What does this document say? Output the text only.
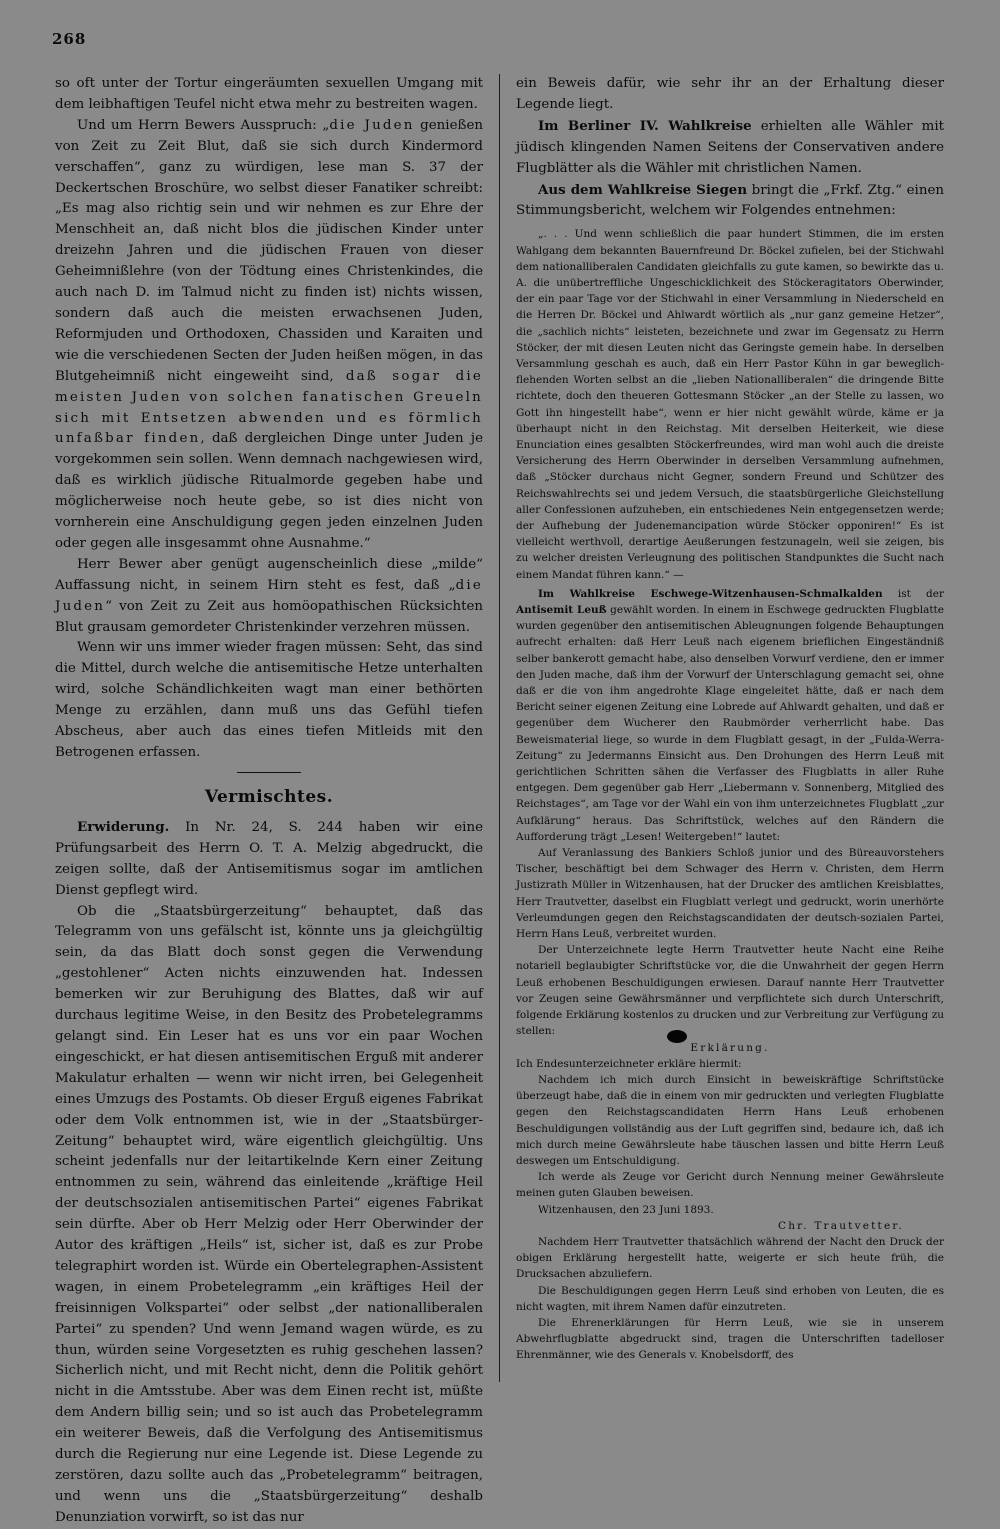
268

so oft unter der Tortur eingeräumten sexuellen Umgang mit dem leibhaftigen Teufel nicht etwa mehr zu bestreiten wagen.

Und um Herrn Bewers Ausspruch: „die Juden genießen von Zeit zu Zeit Blut, daß sie sich durch Kindermord verschaffen“, ganz zu würdigen, lese man S. 37 der Deckertschen Broschüre, wo selbst dieser Fanatiker schreibt: „Es mag also richtig sein und wir nehmen es zur Ehre der Menschheit an, daß nicht blos die jüdischen Kinder unter dreizehn Jahren und die jüdischen Frauen von dieser Geheimnißlehre (von der Tödtung eines Christenkindes, die auch nach D. im Talmud nicht zu finden ist) nichts wissen, sondern daß auch die meisten erwachsenen Juden, Reformjuden und Orthodoxen, Chassiden und Karaiten und wie die verschiedenen Secten der Juden heißen mögen, in das Blutgeheimniß nicht eingeweiht sind, daß sogar die meisten Juden von solchen fanatischen Greueln sich mit Entsetzen abwenden und es förmlich unfaßbar finden, daß dergleichen Dinge unter Juden je vorgekommen sein sollen. Wenn demnach nachgewiesen wird, daß es wirklich jüdische Ritualmorde gegeben habe und möglicherweise noch heute gebe, so ist dies nicht von vornherein eine Anschuldigung gegen jeden einzelnen Juden oder gegen alle insgesammt ohne Ausnahme.“

Herr Bewer aber genügt augenscheinlich diese „milde“ Auffassung nicht, in seinem Hirn steht es fest, daß „die Juden“ von Zeit zu Zeit aus homöopathischen Rücksichten Blut grausam gemordeter Christenkinder verzehren müssen.

Wenn wir uns immer wieder fragen müssen: Seht, das sind die Mittel, durch welche die antisemitische Hetze unterhalten wird, solche Schändlichkeiten wagt man einer bethörten Menge zu erzählen, dann muß uns das Gefühl tiefen Abscheus, aber auch das eines tiefen Mitleids mit den Betrogenen erfassen.

Vermischtes.

Erwiderung. In Nr. 24, S. 244 haben wir eine Prüfungsarbeit des Herrn O. T. A. Melzig abgedruckt, die zeigen sollte, daß der Antisemitismus sogar im amtlichen Dienst gepflegt wird.

Ob die „Staatsbürgerzeitung“ behauptet, daß das Telegramm von uns gefälscht ist, könnte uns ja gleichgültig sein, da das Blatt doch sonst gegen die Verwendung „gestohlener“ Acten nichts einzuwenden hat. Indessen bemerken wir zur Beruhigung des Blattes, daß wir auf durchaus legitime Weise, in den Besitz des Probetelegramms gelangt sind. Ein Leser hat es uns vor ein paar Wochen eingeschickt, er hat diesen antisemitischen Erguß mit anderer Makulatur erhalten — wenn wir nicht irren, bei Gelegenheit eines Umzugs des Postamts. Ob dieser Erguß eigenes Fabrikat oder dem Volk entnommen ist, wie in der „Staatsbürger-Zeitung“ behauptet wird, wäre eigentlich gleichgültig. Uns scheint jedenfalls nur der leitartikelnde Kern einer Zeitung entnommen zu sein, während das einleitende „kräftige Heil der deutschsozialen antisemitischen Partei“ eigenes Fabrikat sein dürfte. Aber ob Herr Melzig oder Herr Oberwinder der Autor des kräftigen „Heils“ ist, sicher ist, daß es zur Probe telegraphirt worden ist. Würde ein Obertelegraphen-Assistent wagen, in einem Probetelegramm „ein kräftiges Heil der freisinnigen Volkspartei“ oder selbst „der nationalliberalen Partei“ zu spenden? Und wenn Jemand wagen würde, es zu thun, würden seine Vorgesetzten es ruhig geschehen lassen? Sicherlich nicht, und mit Recht nicht, denn die Politik gehört nicht in die Amtsstube. Aber was dem Einen recht ist, müßte dem Andern billig sein; und so ist auch das Probetelegramm ein weiterer Beweis, daß die Verfolgung des Antisemitismus durch die Regierung nur eine Legende ist. Diese Legende zu zerstören, dazu sollte auch das „Probetelegramm“ beitragen, und wenn uns die „Staatsbürgerzeitung“ deshalb Denunziation vorwirft, so ist das nur

ein Beweis dafür, wie sehr ihr an der Erhaltung dieser Legende liegt.

Im Berliner IV. Wahlkreise erhielten alle Wähler mit jüdisch klingenden Namen Seitens der Conservativen andere Flugblätter als die Wähler mit christlichen Namen.

Aus dem Wahlkreise Siegen bringt die „Frkf. Ztg.“ einen Stimmungsbericht, welchem wir Folgendes entnehmen:

„. . . Und wenn schließlich die paar hundert Stimmen, die im ersten Wahlgang dem bekannten Bauernfreund Dr. Böckel zufielen, bei der Stichwahl dem nationalliberalen Candidaten gleichfalls zu gute kamen, so bewirkte das u. A. die unübertreffliche Ungeschicklichkeit des Stöckeragitators Oberwinder, der ein paar Tage vor der Stichwahl in einer Versammlung in Niederscheld en die Herren Dr. Böckel und Ahlwardt wörtlich als „nur ganz gemeine Hetzer“, die „sachlich nichts“ leisteten, bezeichnete und zwar im Gegensatz zu Herrn Stöcker, der mit diesen Leuten nicht das Geringste gemein habe. In derselben Versammlung geschah es auch, daß ein Herr Pastor Kühn in gar beweglich-flehenden Worten selbst an die „lieben Nationalliberalen“ die dringende Bitte richtete, doch den theueren Gottesmann Stöcker „an der Stelle zu lassen, wo Gott ihn hingestellt habe“, wenn er hier nicht gewählt würde, käme er ja überhaupt nicht in den Reichstag. Mit derselben Heiterkeit, wie diese Enunciation eines gesalbten Stöckerfreundes, wird man wohl auch die dreiste Versicherung des Herrn Oberwinder in derselben Versammlung aufnehmen, daß „Stöcker durchaus nicht Gegner, sondern Freund und Schützer des Reichswahlrechts sei und jedem Versuch, die staatsbürgerliche Gleichstellung aller Confessionen aufzuheben, ein entschiedenes Nein entgegensetzen werde; der Aufhebung der Judenemancipation würde Stöcker opponiren!“ Es ist vielleicht werthvoll, derartige Aeußerungen festzunageln, weil sie zeigen, bis zu welcher dreisten Verleugnung des politischen Standpunktes die Sucht nach einem Mandat führen kann.“ —

Im Wahlkreise Eschwege-Witzenhausen-Schmalkalden ist der Antisemit Leuß gewählt worden. In einem in Eschwege gedruckten Flugblatte wurden gegenüber den antisemitischen Ableugnungen folgende Behauptungen aufrecht erhalten: daß Herr Leuß nach eigenem brieflichen Eingeständniß selber bankerott gemacht habe, also denselben Vorwurf verdiene, den er immer den Juden mache, daß ihm der Vorwurf der Unterschlagung gemacht sei, ohne daß er die von ihm angedrohte Klage eingeleitet hätte, daß er nach dem Bericht seiner eigenen Zeitung eine Lobrede auf Ahlwardt gehalten, und daß er gegenüber dem Wucherer den Raubmörder verherrlicht habe. Das Beweismaterial liege, so wurde in dem Flugblatt gesagt, in der „Fulda-Werra-Zeitung“ zu Jedermanns Einsicht aus. Den Drohungen des Herrn Leuß mit gerichtlichen Schritten sähen die Verfasser des Flugblatts in aller Ruhe entgegen. Dem gegenüber gab Herr „Liebermann v. Sonnenberg, Mitglied des Reichstages“, am Tage vor der Wahl ein von ihm unterzeichnetes Flugblatt „zur Aufklärung“ heraus. Das Schriftstück, welches auf den Rändern die Aufforderung trägt „Lesen! Weitergeben!“ lautet:

Auf Veranlassung des Bankiers Schloß junior und des Büreauvorstehers Tischer, beschäftigt bei dem Schwager des Herrn v. Christen, dem Herrn Justizrath Müller in Witzenhausen, hat der Drucker des amtlichen Kreisblattes, Herr Trautvetter, daselbst ein Flugblatt verlegt und gedruckt, worin unerhörte Verleumdungen gegen den Reichstagscandidaten der deutsch-sozialen Partei, Herrn Hans Leuß, verbreitet wurden.

Der Unterzeichnete legte Herrn Trautvetter heute Nacht eine Reihe notariell beglaubigter Schriftstücke vor, die die Unwahrheit der gegen Herrn Leuß erhobenen Beschuldigungen erwiesen. Darauf nannte Herr Trautvetter vor Zeugen seine Gewährsmänner und verpflichtete sich durch Unterschrift, folgende Erklärung kostenlos zu drucken und zur Verbreitung zur Verfügung zu stellen:

Erklärung.

Ich Endesunterzeichneter erkläre hiermit:

Nachdem ich mich durch Einsicht in beweiskräftige Schriftstücke überzeugt habe, daß die in einem von mir gedruckten und verlegten Flugblatte gegen den Reichstagscandidaten Herrn Hans Leuß erhobenen Beschuldigungen vollständig aus der Luft gegriffen sind, bedaure ich, daß ich mich durch meine Gewährsleute habe täuschen lassen und bitte Herrn Leuß deswegen um Entschuldigung.

Ich werde als Zeuge vor Gericht durch Nennung meiner Gewährsleute meinen guten Glauben beweisen.

Witzenhausen, den 23 Juni 1893.

Chr. Trautvetter.

Nachdem Herr Trautvetter thatsächlich während der Nacht den Druck der obigen Erklärung hergestellt hatte, weigerte er sich heute früh, die Drucksachen abzuliefern.

Die Beschuldigungen gegen Herrn Leuß sind erhoben von Leuten, die es nicht wagten, mit ihrem Namen dafür einzutreten.

Die Ehrenerklärungen für Herrn Leuß, wie sie in unserem Abwehrflugblatte abgedruckt sind, tragen die Unterschriften tadelloser Ehrenmänner, wie des Generals v. Knobelsdorff, des
